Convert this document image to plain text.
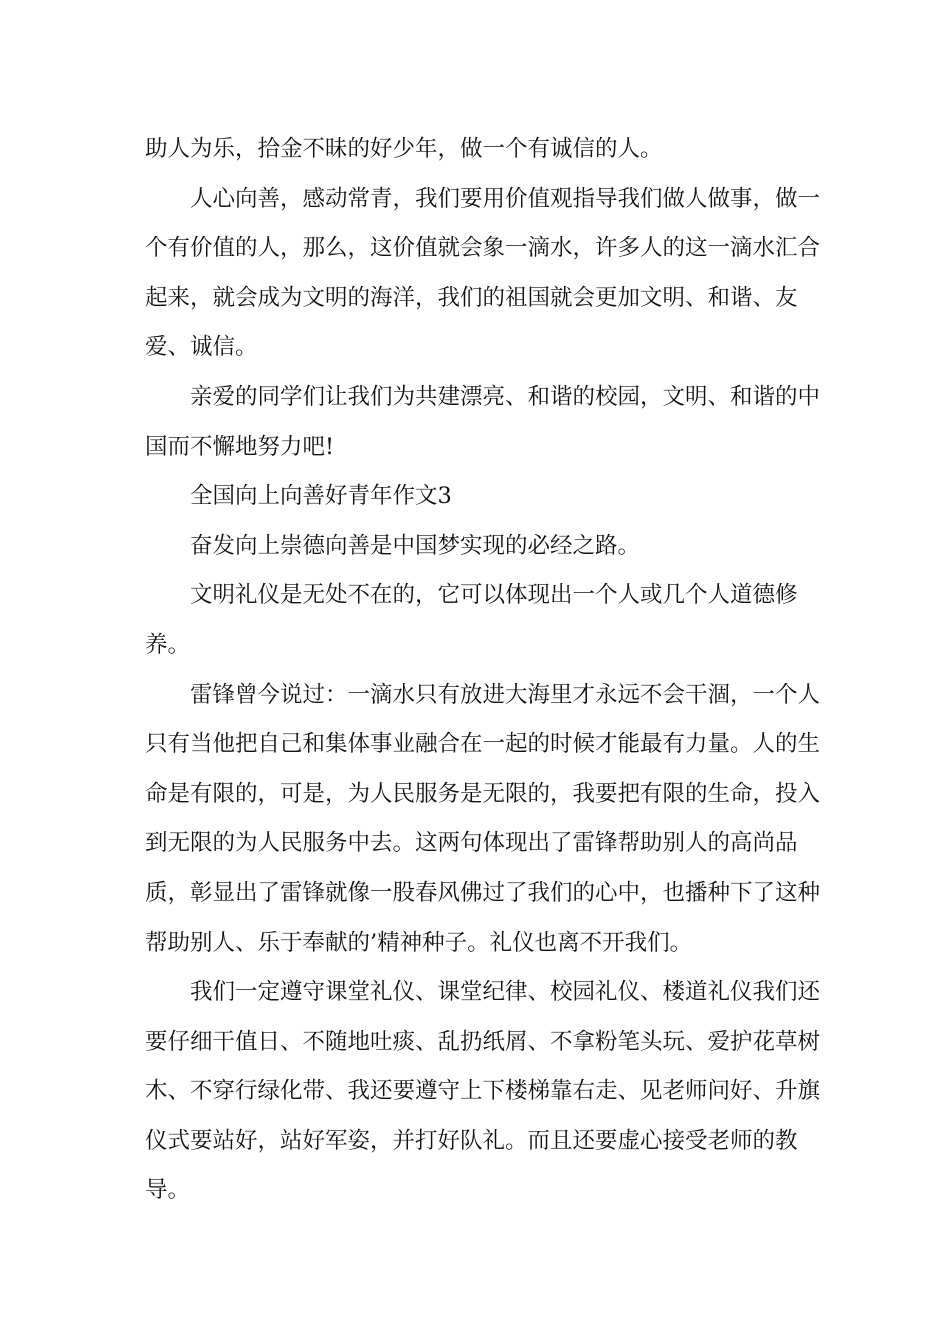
助人为乐，拾金不昧的好少年，做一个有诚信的人。

人心向善，感动常青，我们要用价值观指导我们做人做事，做一个有价值的人，那么，这价值就会象一滴水，许多人的这一滴水汇合起来，就会成为文明的海洋，我们的祖国就会更加文明、和谐、友爱、诚信。

亲爱的同学们让我们为共建漂亮、和谐的校园，文明、和谐的中国而不懈地努力吧!

全国向上向善好青年作文3

奋发向上崇德向善是中国梦实现的必经之路。

文明礼仪是无处不在的，它可以体现出一个人或几个人道德修养。

雷锋曾今说过：一滴水只有放进大海里才永远不会干涸，一个人只有当他把自己和集体事业融合在一起的时候才能最有力量。人的生命是有限的，可是，为人民服务是无限的，我要把有限的生命，投入到无限的为人民服务中去。这两句体现出了雷锋帮助别人的高尚品质，彰显出了雷锋就像一股春风佛过了我们的心中，也播种下了这种帮助别人、乐于奉献的’精神种子。礼仪也离不开我们。

我们一定遵守课堂礼仪、课堂纪律、校园礼仪、楼道礼仪我们还要仔细干值日、不随地吐痰、乱扔纸屑、不拿粉笔头玩、爱护花草树木、不穿行绿化带、我还要遵守上下楼梯靠右走、见老师问好、升旗仪式要站好，站好军姿，并打好队礼。而且还要虚心接受老师的教导。
